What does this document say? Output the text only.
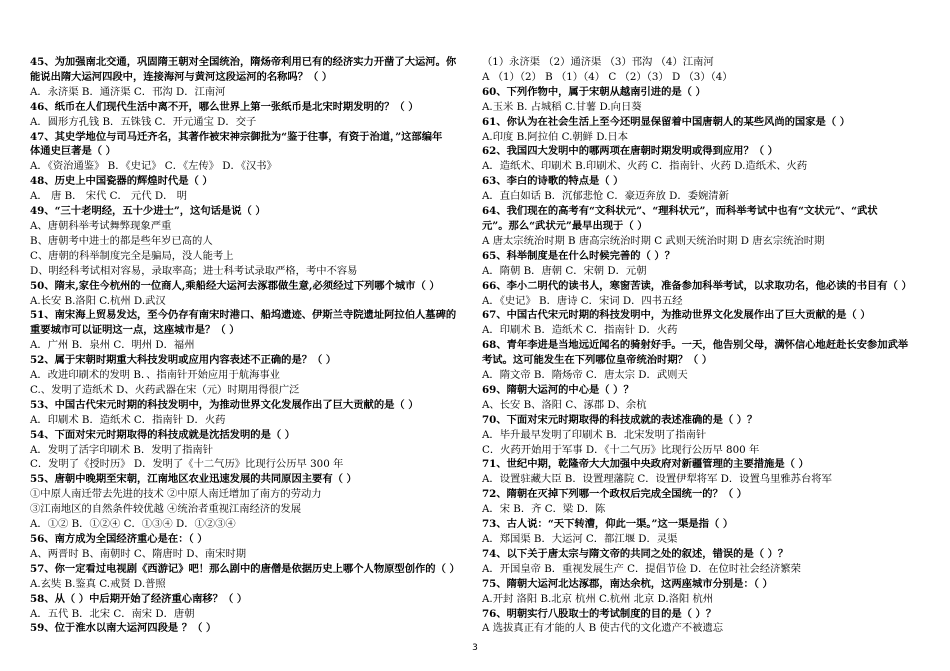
45、为加强南北交通，巩固隋王朝对全国统治，隋炀帝利用已有的经济实力开凿了大运河。你
能说出隋大运河四段中，连接海河与黄河这段运河的名称吗？（ ）
A．永济渠 B．通济渠 C．邗沟 D．江南河
46、纸币在人们现代生活中离不开，哪么世界上第一张纸币是北宋时期发明的？（ ）
A．圆形方孔钱 B．五铢钱 C．开元通宝 D．交子
47、其史学地位与司马迁齐名，其著作被宋神宗御批为“鉴于往事，有资于治道，”这部编年
体通史巨著是（ ）
A．《资治通鉴》 B．《史记》 C．《左传》 D．《汉书》
48、历史上中国瓷器的辉煌时代是（ ）
A． 唐 B． 宋代 C． 元代 D． 明
49、“三十老明经，五十少进士”，这句话是说（ ）
A、唐朝科举考试舞弊现象严重
B、唐朝考中进士的都是些年岁已高的人
C、唐朝的科举制度完全是骗局，没人能考上
D、明经科考试相对容易，录取率高；进士科考试录取严格，考中不容易
50、隋末,家住今杭州的一位商人,乘船经大运河去涿郡做生意,必须经过下列哪个城市（ ）
A.长安 B.洛阳 C.杭州 D.武汉
51、南宋海上贸易发达，至今仍存有南宋时港口、船坞遗迹、伊斯兰寺院遗址阿拉伯人墓碑的
重要城市可以证明这一点，这座城市是？（ ）
A．广州 B．泉州 C．明州 D．福州
52、属于宋朝时期重大科技发明或应用内容表述不正确的是？（ ）
A．改进印刷术的发明 B．、指南针开始应用于航海事业
C.、发明了造纸术 D、火药武器在宋（元）时期用得很广泛
53、中国古代宋元时期的科技发明中，为推动世界文化发展作出了巨大贡献的是（ ）
A．印刷术 B．造纸术 C．指南针 D．火药
54、下面对宋元时期取得的科技成就是沈括发明的是（ ）
A．发明了活字印刷术 B．发明了指南针
C．发明了《授时历》 D．发明了《十二气历》比现行公历早 300 年
55、唐朝中晚期至宋朝，江南地区农业迅速发展的共同原因主要有（ ）
①中原人南迁带去先进的技术 ②中原人南迁增加了南方的劳动力
③江南地区的自然条件较优越 ④统治者重视江南经济的发展
A．①② B．①②④ C．①③④ D．①②③④
56、南方成为全国经济重心是在：（ ）
A、两晋时 B、南朝时 C、隋唐时 D、南宋时期
57、你一定看过电视剧《西游记》吧！那么剧中的唐僧是依据历史上哪个人物原型创作的（ ）
A.玄奘 B.鉴真 C.戒贤 D.普照
58、从（ ）中后期开始了经济重心南移？（ ）
A．五代 B．北宋 C．南宋 D．唐朝
59、位于淮水以南大运河四段是 ？（ ）
（1）永济渠 （2）通济渠 （3）邗沟 （4）江南河
A （1）（2） B （1）（4） C （2）（3） D （3）（4）
60、下列作物中，属于宋朝从越南引进的是（ ）
A.玉米 B. 占城稻 C.甘薯 D.向日葵
61、你认为在社会生活上至今还明显保留着中国唐朝人的某些风尚的国家是（ ）
A.印度 B.阿拉伯 C.朝鲜 D.日本
62、我国四大发明中的哪两项在唐朝时期发明或得到应用？（ ）
A．造纸术、印刷术 B.印刷术、火药 C．指南针、火药 D.造纸术、火药
63、李白的诗歌的特点是（ ）
A．直白如话 B．沉郁悲怆 C．豪迈奔放 D．委婉清新
64、我们现在的高考有“文科状元”、“理科状元”，而科举考试中也有“文状元”、“武状
元”。那么“武状元”最早出现于（ ）
A 唐太宗统治时期 B 唐高宗统治时期 C 武则天统治时期 D 唐玄宗统治时期
65、科举制度是在什么时候完善的（ ）？
A．隋朝 B．唐朝 C．宋朝 D．元朝
66、李小二明代的读书人，寒窗苦读，准备参加科举考试，以求取功名，他必读的书目有（ ）
A．《史记》 B．唐诗 C．宋词 D．四书五经
67、中国古代宋元时期的科技发明中，为推动世界文化发展作出了巨大贡献的是（ ）
A．印刷术 B．造纸术 C．指南针 D．火药
68、青年李进是当地远近闻名的骑射好手。一天，他告别父母，满怀信心地赶赴长安参加武举
考试。这可能发生在下列哪位皇帝统治时期？（ ）
A．隋文帝 B．隋炀帝 C．唐太宗 D．武则天
69、隋朝大运河的中心是（ ）？
A、长安 B、洛阳 C、涿郡 D、余杭
70、下面对宋元时期取得的科技成就的表述准确的是（ ）？
A．毕升最早发明了印刷术 B．北宋发明了指南针
C．火药开始用于军事 D．《十二气历》比现行公历早 800 年
71、世纪中期，乾隆帝大大加强中央政府对新疆管理的主要措施是（ ）
A．设置驻藏大臣 B．设置理藩院 C．设置伊犁将军 D．设置乌里雅苏台将军
72、隋朝在灭掉下列哪一个政权后完成全国统一的？（ ）
A．宋 B．齐 C．梁 D．陈
73、古人说：“天下转漕，仰此一渠。”这一渠是指（ ）
A．郑国渠 B．大运河 C．都江堰 D．灵渠
74、以下关于唐太宗与隋文帝的共同之处的叙述，错误的是（ ）？
A．开国皇帝 B．重视发展生产 C．提倡节俭 D．在位时社会经济繁荣
75、隋朝大运河北达涿郡，南达余杭，这两座城市分别是：（ ）
A.开封 洛阳 B.北京 杭州 C.杭州 北京 D.洛阳 杭州
76、明朝实行八股取士的考试制度的目的是（ ）？
A 选拔真正有才能的人 B 使古代的文化遗产不被遗忘
3
